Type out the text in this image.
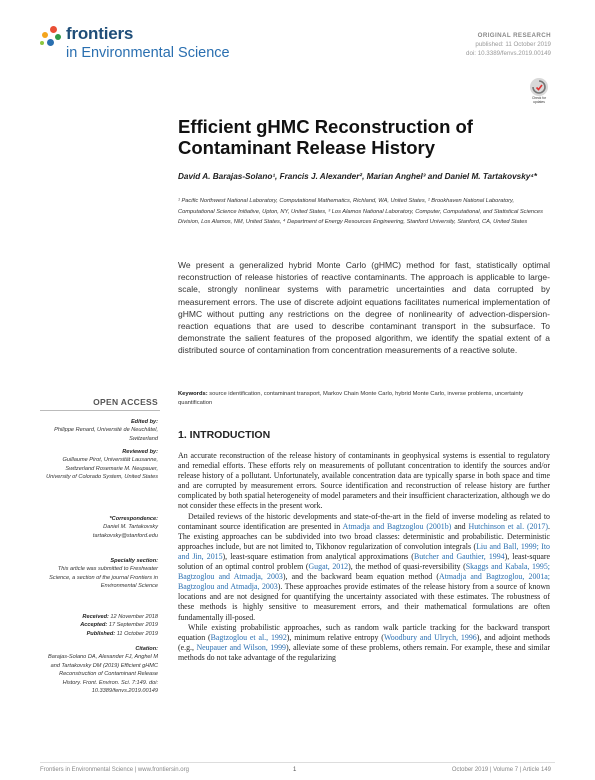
frontiers
in Environmental Science
ORIGINAL RESEARCH
published: 11 October 2019
doi: 10.3389/fenvs.2019.00149
Check for updates
Efficient gHMC Reconstruction of Contaminant Release History
David A. Barajas-Solano¹, Francis J. Alexander², Marian Anghel³ and Daniel M. Tartakovsky⁴*
¹ Pacific Northwest National Laboratory, Computational Mathematics, Richland, WA, United States, ² Brookhaven National Laboratory, Computational Science Initiative, Upton, NY, United States, ³ Los Alamos National Laboratory, Computer, Computational, and Statistical Sciences Division, Los Alamos, NM, United States, ⁴ Department of Energy Resources Engineering, Stanford University, Stanford, CA, United States
We present a generalized hybrid Monte Carlo (gHMC) method for fast, statistically optimal reconstruction of release histories of reactive contaminants. The approach is applicable to large-scale, strongly nonlinear systems with parametric uncertainties and data corrupted by measurement errors. The use of discrete adjoint equations facilitates numerical implementation of gHMC without putting any restrictions on the degree of nonlinearity of advection-dispersion-reaction equations that are used to describe contaminant transport in the subsurface. To demonstrate the salient features of the proposed algorithm, we identify the spatial extent of a distributed source of contamination from concentration measurements of a reactive solute.
Keywords: source identification, contaminant transport, Markov Chain Monte Carlo, hybrid Monte Carlo, inverse problems, uncertainty quantification
OPEN ACCESS
Edited by:
Philippe Renard, Université de Neuchâtel, Switzerland
Reviewed by:
Guillaume Pirot, Universität Lausanne, Switzerland Rosemarie M. Neupauer, University of Colorado System, United States
*Correspondence:
Daniel M. Tartakovsky tartakovsky@stanford.edu
Specialty section:
This article was submitted to Freshwater Science, a section of the journal Frontiers in Environmental Science
Received: 12 November 2018
Accepted: 17 September 2019
Published: 11 October 2019
Citation:
Barajas-Solano DA, Alexander FJ, Anghel M and Tartakovsky DM (2019) Efficient gHMC Reconstruction of Contaminant Release History. Front. Environ. Sci. 7:149. doi: 10.3389/fenvs.2019.00149
1. INTRODUCTION

An accurate reconstruction of the release history of contaminants in geophysical systems is essential to regulatory and remedial efforts. These efforts rely on measurements of pollutant concentration to identify the sources and/or release history of a pollutant. Unfortunately, available concentration data are typically sparse in both space and time and are corrupted by measurement errors. Source identification and reconstruction of release history are further complicated by both spatial heterogeneity of model parameters and their insufficient characterization, although we do not consider these effects in the present work.

Detailed reviews of the historic developments and state-of-the-art in the field of inverse modeling as related to contaminant source identification are presented in Atmadja and Bagtzoglou (2001b) and Hutchinson et al. (2017). The existing approaches can be subdivided into two broad classes: deterministic and probabilistic. Deterministic approaches include, but are not limited to, Tikhonov regularization of convolution integrals (Liu and Ball, 1999; Ito and Jin, 2015), least-square estimation from analytical approximations (Butcher and Gauthier, 1994), least-square solution of an optimal control problem (Gugat, 2012), the method of quasi-reversibility (Skaggs and Kabala, 1995; Bagtzoglou and Atmadja, 2003), and the backward beam equation method (Atmadja and Bagtzoglou, 2001a; Bagtzoglou and Atmadja, 2003). These approaches provide estimates of the release history from a source of known locations and are not designed for quantifying the uncertainty associated with these estimates. The robustness of these methods is highly sensitive to measurement errors, and their mathematical formulations are often fundamentally ill-posed.

While existing probabilistic approaches, such as random walk particle tracking for the backward transport equation (Bagtzoglou et al., 1992), minimum relative entropy (Woodbury and Ulrych, 1996), and adjoint methods (e.g., Neupauer and Wilson, 1999), alleviate some of these problems, others remain. For example, these and similar methods do not take advantage of the regularizing

Frontiers in Environmental Science | www.frontiersin.org	1	October 2019 | Volume 7 | Article 149
